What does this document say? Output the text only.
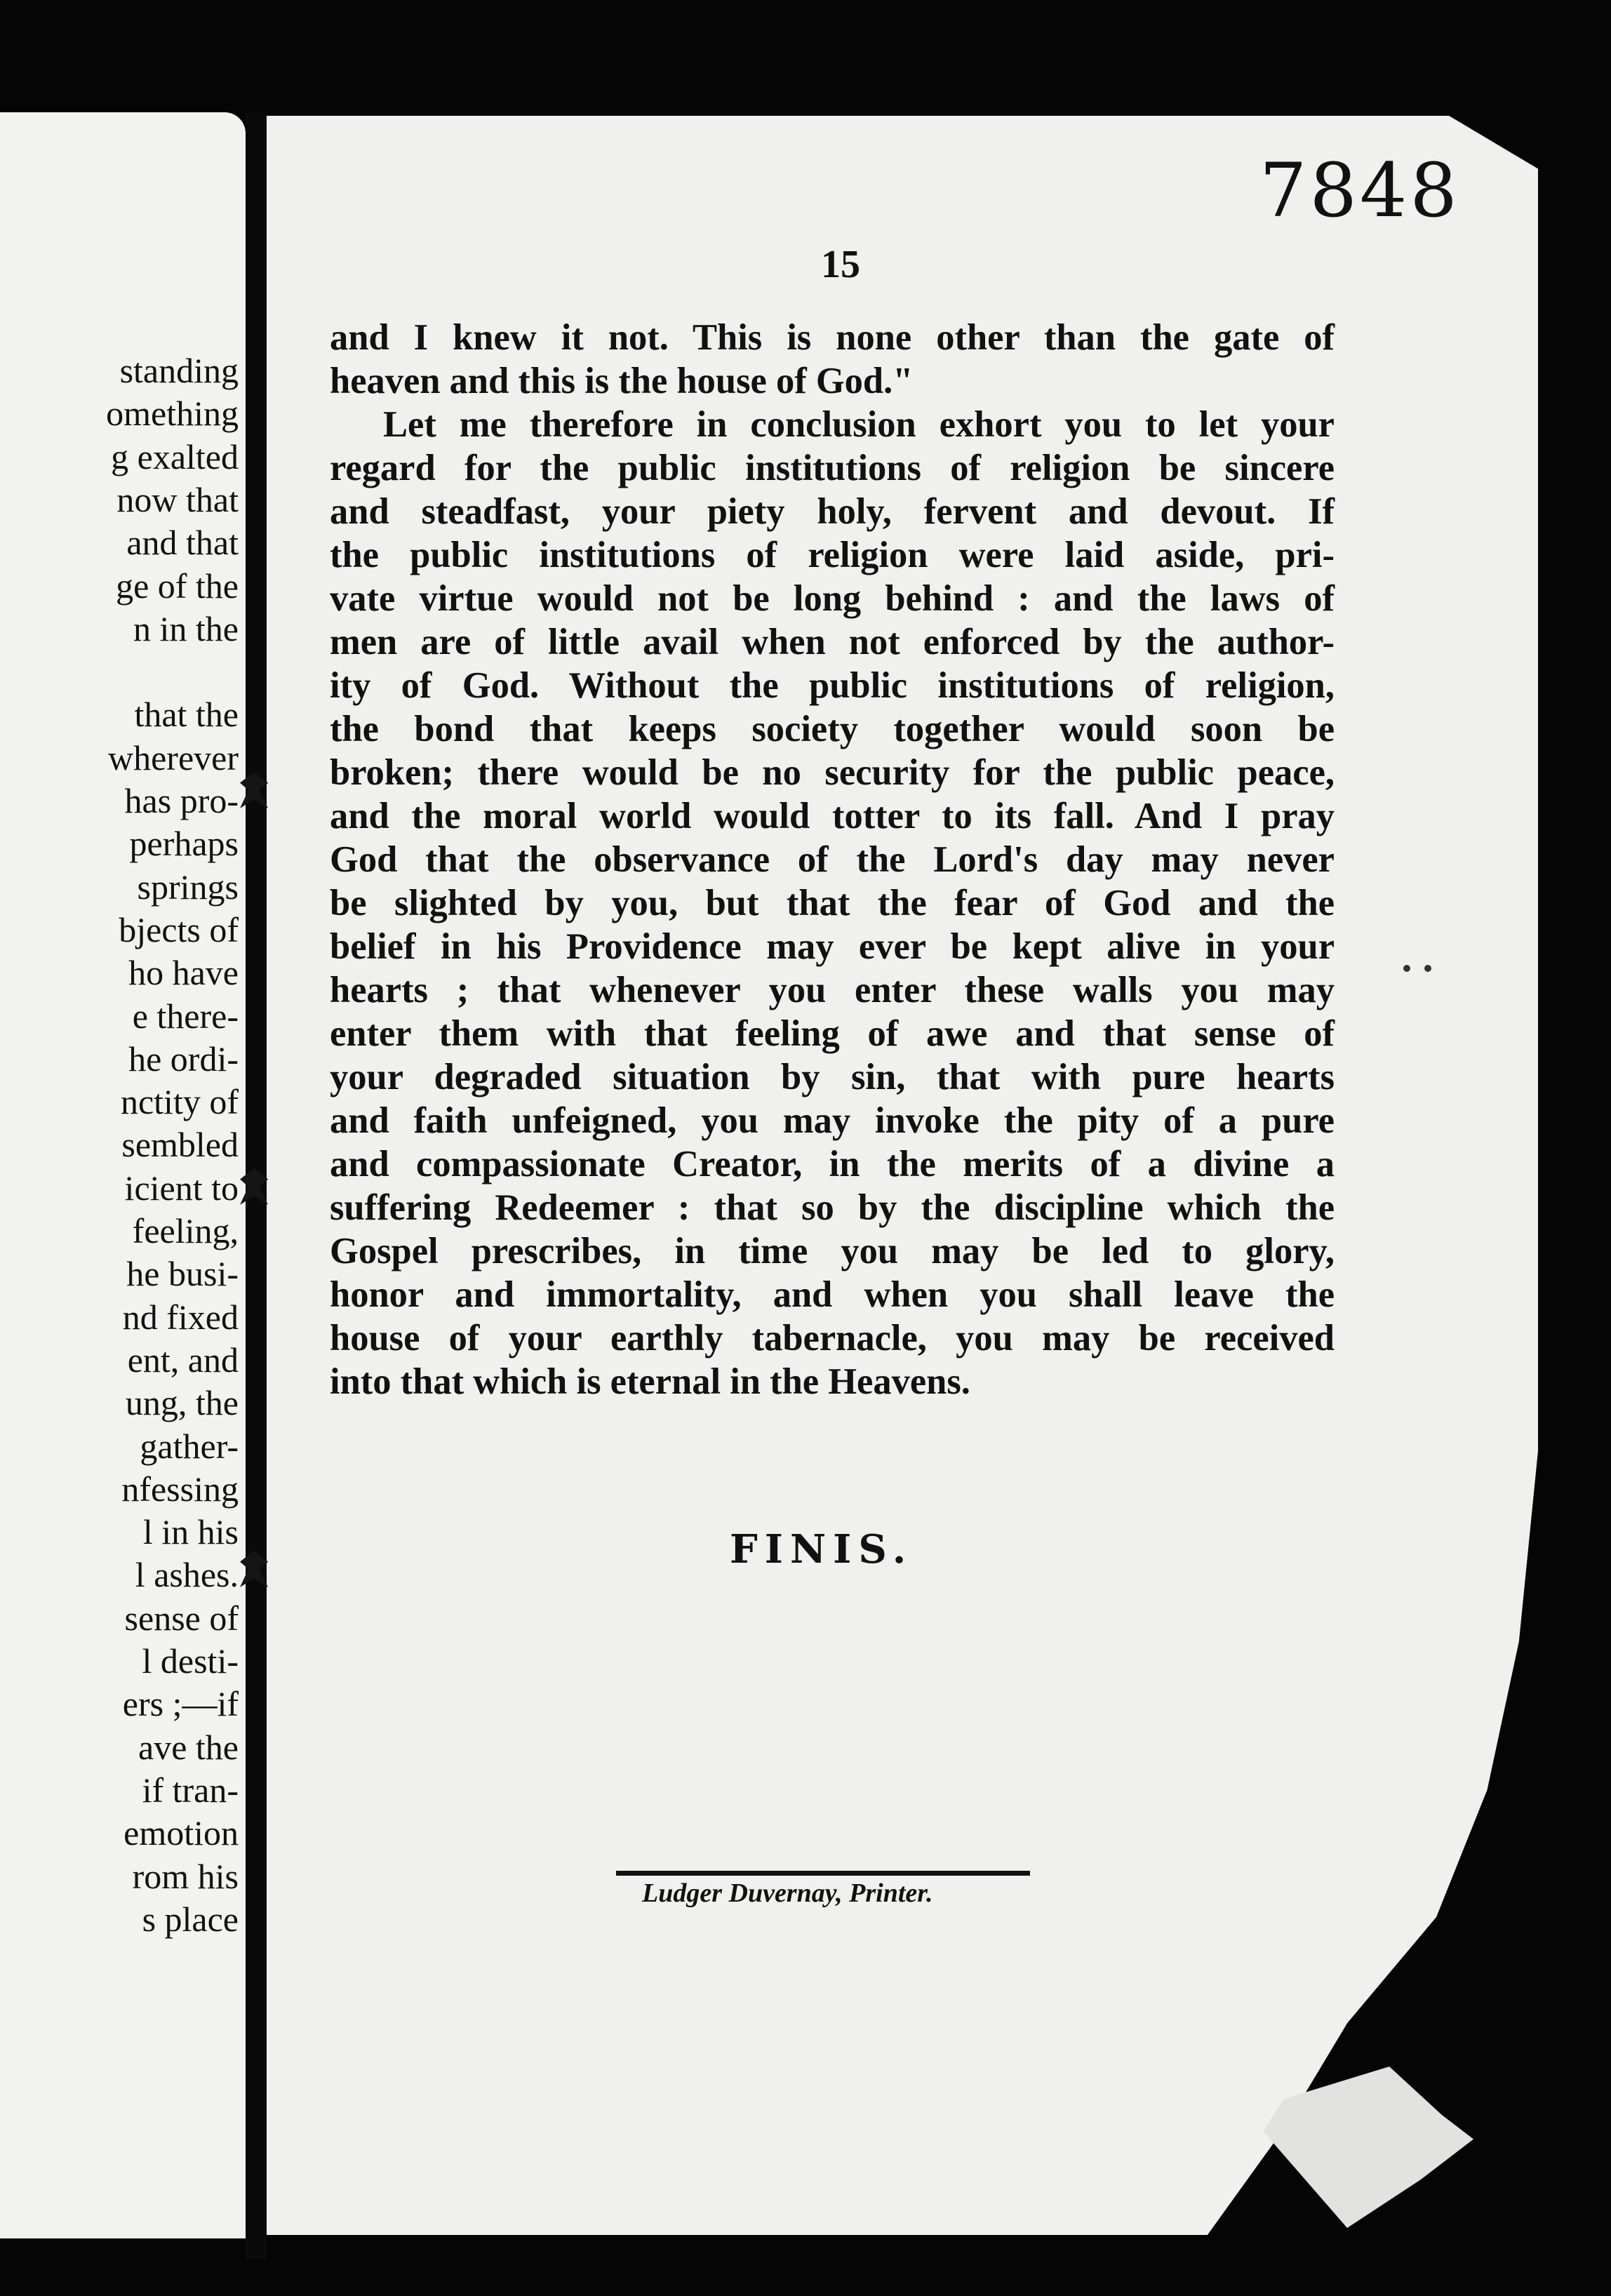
standing
omething
g exalted
now that
and that
ge of the
n in the
that the
wherever
has pro-
perhaps
springs
bjects of
ho have
e there-
he ordi-
nctity of
sembled
icient to
feeling,
he busi-
nd fixed
ent, and
ung, the
gather-
nfessing
l in his
l ashes.
sense of
l desti-
ers ;—if
ave the
if tran-
emotion
rom his
s place
7848
15
and I knew it not. This is none other than the gate of
heaven and this is the house of God."
Let me therefore in conclusion exhort you to let your
regard for the public institutions of religion be sincere
and steadfast, your piety holy, fervent and devout. If
the public institutions of religion were laid aside, pri-
vate virtue would not be long behind : and the laws of
men are of little avail when not enforced by the author-
ity of God. Without the public institutions of religion,
the bond that keeps society together would soon be
broken; there would be no security for the public peace,
and the moral world would totter to its fall. And I pray
God that the observance of the Lord's day may never
be slighted by you, but that the fear of God and the
belief in his Providence may ever be kept alive in your
hearts ; that whenever you enter these walls you may
enter them with that feeling of awe and that sense of
your degraded situation by sin, that with pure hearts
and faith unfeigned, you may invoke the pity of a pure
and compassionate Creator, in the merits of a divine a
suffering Redeemer : that so by the discipline which the
Gospel prescribes, in time you may be led to glory,
honor and immortality, and when you shall leave the
house of your earthly tabernacle, you may be received
into that which is eternal in the Heavens.
FINIS.
Ludger Duvernay, Printer.
